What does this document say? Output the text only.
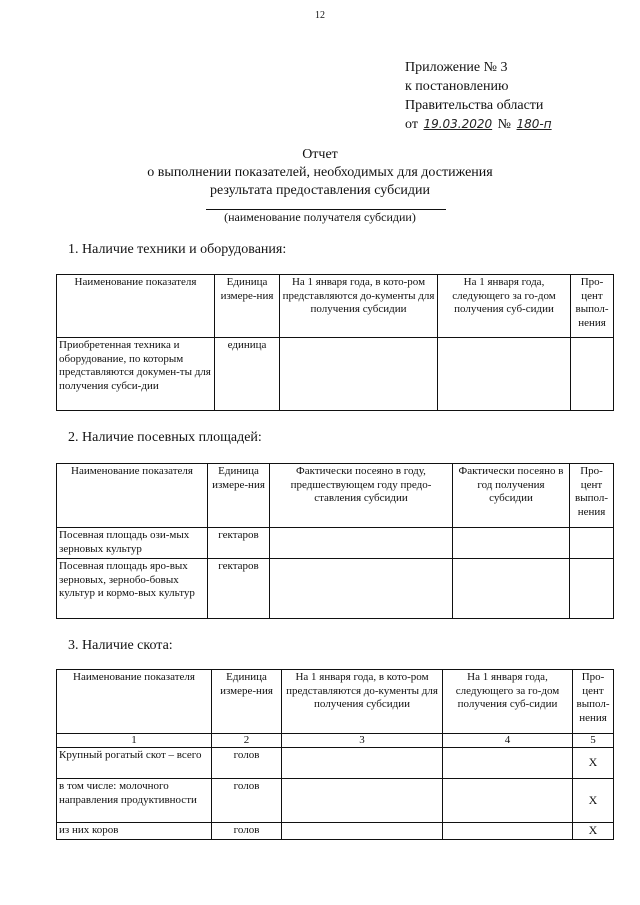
12
Приложение № 3
к постановлению
Правительства области
от 19.03.2020 № 180-п
Отчет
о выполнении показателей, необходимых для достижения
результата предоставления субсидии
(наименование получателя субсидии)
1. Наличие техники и оборудования:
Наименование показателя	Единица измере-ния	На 1 января года, в кото-ром представляются до-кументы для получения субсидии	На 1 января года, следующего за го-дом получения суб-сидии	Про-цент выпол-нения
Приобретенная техника и оборудование, по которым представляются докумен-ты для получения субси-дии	единица			
2. Наличие посевных площадей:
Наименование показателя	Единица измере-ния	Фактически посеяно в году, предшествующем году предо-ставления субсидии	Фактически посеяно в год получения субсидии	Про-цент выпол-нения
Посевная площадь ози-мых зерновых культур	гектаров			
Посевная площадь яро-вых зерновых, зернобо-бовых культур и кормо-вых культур	гектаров			
3. Наличие скота:
Наименование показателя	Единица измере-ния	На 1 января года, в кото-ром представляются до-кументы для получения субсидии	На 1 января года, следующего за го-дом получения суб-сидии	Про-цент выпол-нения
1	2	3	4	5
Крупный рогатый скот – всего	голов			Х
в том числе: молочного направления продуктивности	голов			Х
из них коров	голов			Х
